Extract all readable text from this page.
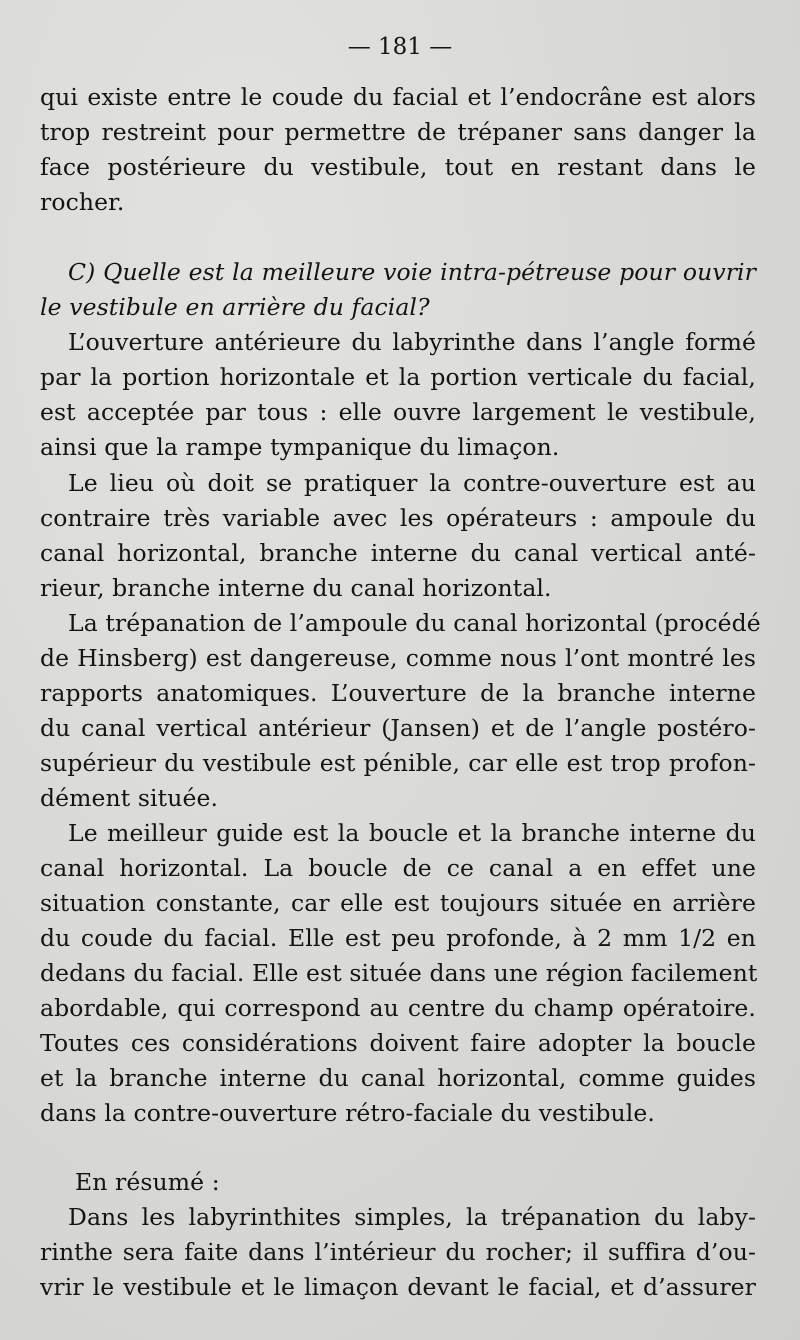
— 181 —
qui existe entre le coude du facial et l’endocrâne est alors
trop restreint pour permettre de trépaner sans danger la
face postérieure du vestibule, tout en restant dans le
rocher.
C) Quelle est la meilleure voie intra-pétreuse pour ouvrir
le vestibule en arrière du facial?
L’ouverture antérieure du labyrinthe dans l’angle formé
par la portion horizontale et la portion verticale du facial,
est acceptée par tous : elle ouvre largement le vestibule,
ainsi que la rampe tympanique du limaçon.
Le lieu où doit se pratiquer la contre-ouverture est au
contraire très variable avec les opérateurs : ampoule du
canal horizontal, branche interne du canal vertical anté-
rieur, branche interne du canal horizontal.
La trépanation de l’ampoule du canal horizontal (procédé
de Hinsberg) est dangereuse, comme nous l’ont montré les
rapports anatomiques. L’ouverture de la branche interne
du canal vertical antérieur (Jansen) et de l’angle postéro-
supérieur du vestibule est pénible, car elle est trop profon-
dément située.
Le meilleur guide est la boucle et la branche interne du
canal horizontal. La boucle de ce canal a en effet une
situation constante, car elle est toujours située en arrière
du coude du facial. Elle est peu profonde, à 2 mm 1/2 en
dedans du facial. Elle est située dans une région facilement
abordable, qui correspond au centre du champ opératoire.
Toutes ces considérations doivent faire adopter la boucle
et la branche interne du canal horizontal, comme guides
dans la contre-ouverture rétro-faciale du vestibule.
En résumé :
Dans les labyrinthites simples, la trépanation du laby-
rinthe sera faite dans l’intérieur du rocher; il suffira d’ou-
vrir le vestibule et le limaçon devant le facial, et d’assurer
